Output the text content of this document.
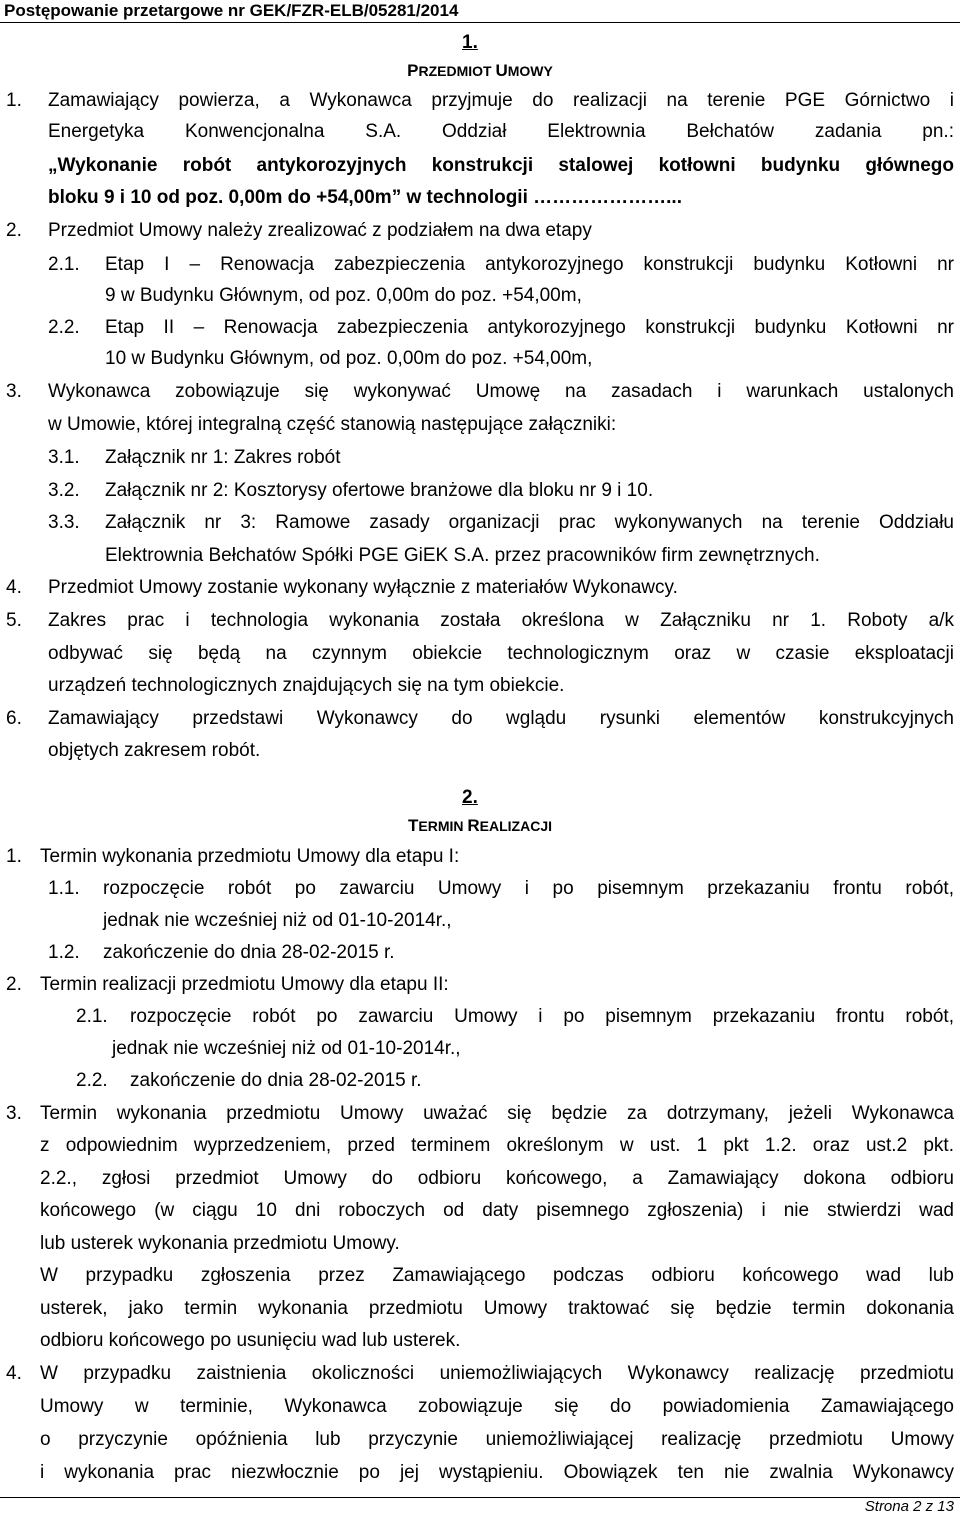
Postępowanie przetargowe nr GEK/FZR-ELB/05281/2014
1.
PRZEDMIOT UMOWY
1. Zamawiający powierza, a Wykonawca przyjmuje do realizacji na terenie PGE Górnictwo i
Energetyka Konwencjonalna S.A. Oddział Elektrownia Bełchatów zadania pn.:
„Wykonanie robót antykorozyjnych konstrukcji stalowej kotłowni budynku głównego
bloku 9 i 10 od poz. 0,00m do +54,00m” w technologii …………………...
2. Przedmiot Umowy należy zrealizować z podziałem na dwa etapy
2.1. Etap I – Renowacja zabezpieczenia antykorozyjnego konstrukcji budynku Kotłowni nr
9 w Budynku Głównym, od poz. 0,00m do poz. +54,00m,
2.2. Etap II – Renowacja zabezpieczenia antykorozyjnego konstrukcji budynku Kotłowni nr
10 w Budynku Głównym, od poz. 0,00m do poz. +54,00m,
3. Wykonawca zobowiązuje się wykonywać Umowę na zasadach i warunkach ustalonych
w Umowie, której integralną część stanowią następujące załączniki:
3.1. Załącznik nr 1: Zakres robót
3.2. Załącznik nr 2: Kosztorysy ofertowe branżowe dla bloku nr 9 i 10.
3.3. Załącznik nr 3: Ramowe zasady organizacji prac wykonywanych na terenie Oddziału
Elektrownia Bełchatów Spółki PGE GiEK S.A. przez pracowników firm zewnętrznych.
4. Przedmiot Umowy zostanie wykonany wyłącznie z materiałów Wykonawcy.
5. Zakres prac i technologia wykonania została określona w Załączniku nr 1. Roboty a/k
odbywać się będą na czynnym obiekcie technologicznym oraz w czasie eksploatacji
urządzeń technologicznych znajdujących się na tym obiekcie.
6. Zamawiający przedstawi Wykonawcy do wglądu rysunki elementów konstrukcyjnych
objętych zakresem robót.
2.
TERMIN REALIZACJI
1. Termin wykonania przedmiotu Umowy dla etapu I:
1.1. rozpoczęcie robót po zawarciu Umowy i po pisemnym przekazaniu frontu robót,
jednak nie wcześniej niż od 01-10-2014r.,
1.2. zakończenie do dnia 28-02-2015 r.
2. Termin realizacji przedmiotu Umowy dla etapu II:
2.1. rozpoczęcie robót po zawarciu Umowy i po pisemnym przekazaniu frontu robót,
jednak nie wcześniej niż od 01-10-2014r.,
2.2. zakończenie do dnia 28-02-2015 r.
3. Termin wykonania przedmiotu Umowy uważać się będzie za dotrzymany, jeżeli Wykonawca
z odpowiednim wyprzedzeniem, przed terminem określonym w ust. 1 pkt 1.2. oraz ust.2 pkt.
2.2., zgłosi przedmiot Umowy do odbioru końcowego, a Zamawiający dokona odbioru
końcowego (w ciągu 10 dni roboczych od daty pisemnego zgłoszenia) i nie stwierdzi wad
lub usterek wykonania przedmiotu Umowy.
W przypadku zgłoszenia przez Zamawiającego podczas odbioru końcowego wad lub
usterek, jako termin wykonania przedmiotu Umowy traktować się będzie termin dokonania
odbioru końcowego po usunięciu wad lub usterek.
4. W przypadku zaistnienia okoliczności uniemożliwiających Wykonawcy realizację przedmiotu
Umowy w terminie, Wykonawca zobowiązuje się do powiadomienia Zamawiającego
o przyczynie opóźnienia lub przyczynie uniemożliwiającej realizację przedmiotu Umowy
i wykonania prac niezwłocznie po jej wystąpieniu. Obowiązek ten nie zwalnia Wykonawcy
Strona 2 z 13
